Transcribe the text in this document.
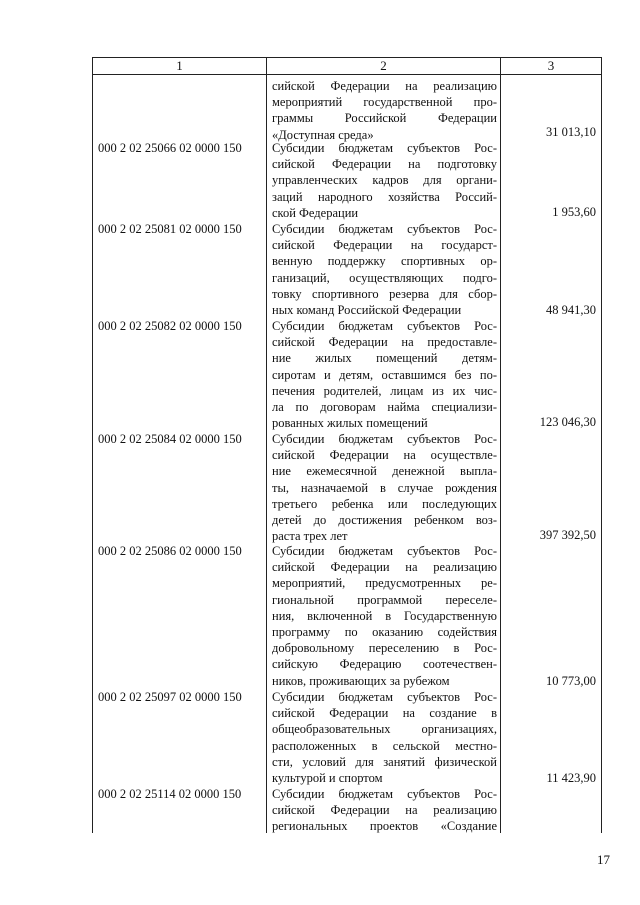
1	2	3
сийской Федерации на реализацию
мероприятий государственной про-
граммы Российской Федерации
«Доступная среда»	31 013,10
000 2 02 25066 02 0000 150	Субсидии бюджетам субъектов Рос-
сийской Федерации на подготовку
управленческих кадров для органи-
заций народного хозяйства Россий-
ской Федерации	1 953,60
000 2 02 25081 02 0000 150	Субсидии бюджетам субъектов Рос-
сийской Федерации на государст-
венную поддержку спортивных ор-
ганизаций, осуществляющих подго-
товку спортивного резерва для сбор-
ных команд Российской Федерации	48 941,30
000 2 02 25082 02 0000 150	Субсидии бюджетам субъектов Рос-
сийской Федерации на предоставле-
ние жилых помещений детям-
сиротам и детям, оставшимся без по-
печения родителей, лицам из их чис-
ла по договорам найма специализи-
рованных жилых помещений	123 046,30
000 2 02 25084 02 0000 150	Субсидии бюджетам субъектов Рос-
сийской Федерации на осуществле-
ние ежемесячной денежной выпла-
ты, назначаемой в случае рождения
третьего ребенка или последующих
детей до достижения ребенком воз-
раста трех лет	397 392,50
000 2 02 25086 02 0000 150	Субсидии бюджетам субъектов Рос-
сийской Федерации на реализацию
мероприятий, предусмотренных ре-
гиональной программой переселе-
ния, включенной в Государственную
программу по оказанию содействия
добровольному переселению в Рос-
сийскую Федерацию соотечествен-
ников, проживающих за рубежом	10 773,00
000 2 02 25097 02 0000 150	Субсидии бюджетам субъектов Рос-
сийской Федерации на создание в
общеобразовательных организациях,
расположенных в сельской местно-
сти, условий для занятий физической
культурой и спортом	11 423,90
000 2 02 25114 02 0000 150	Субсидии бюджетам субъектов Рос-
сийской Федерации на реализацию
региональных проектов «Создание
17
